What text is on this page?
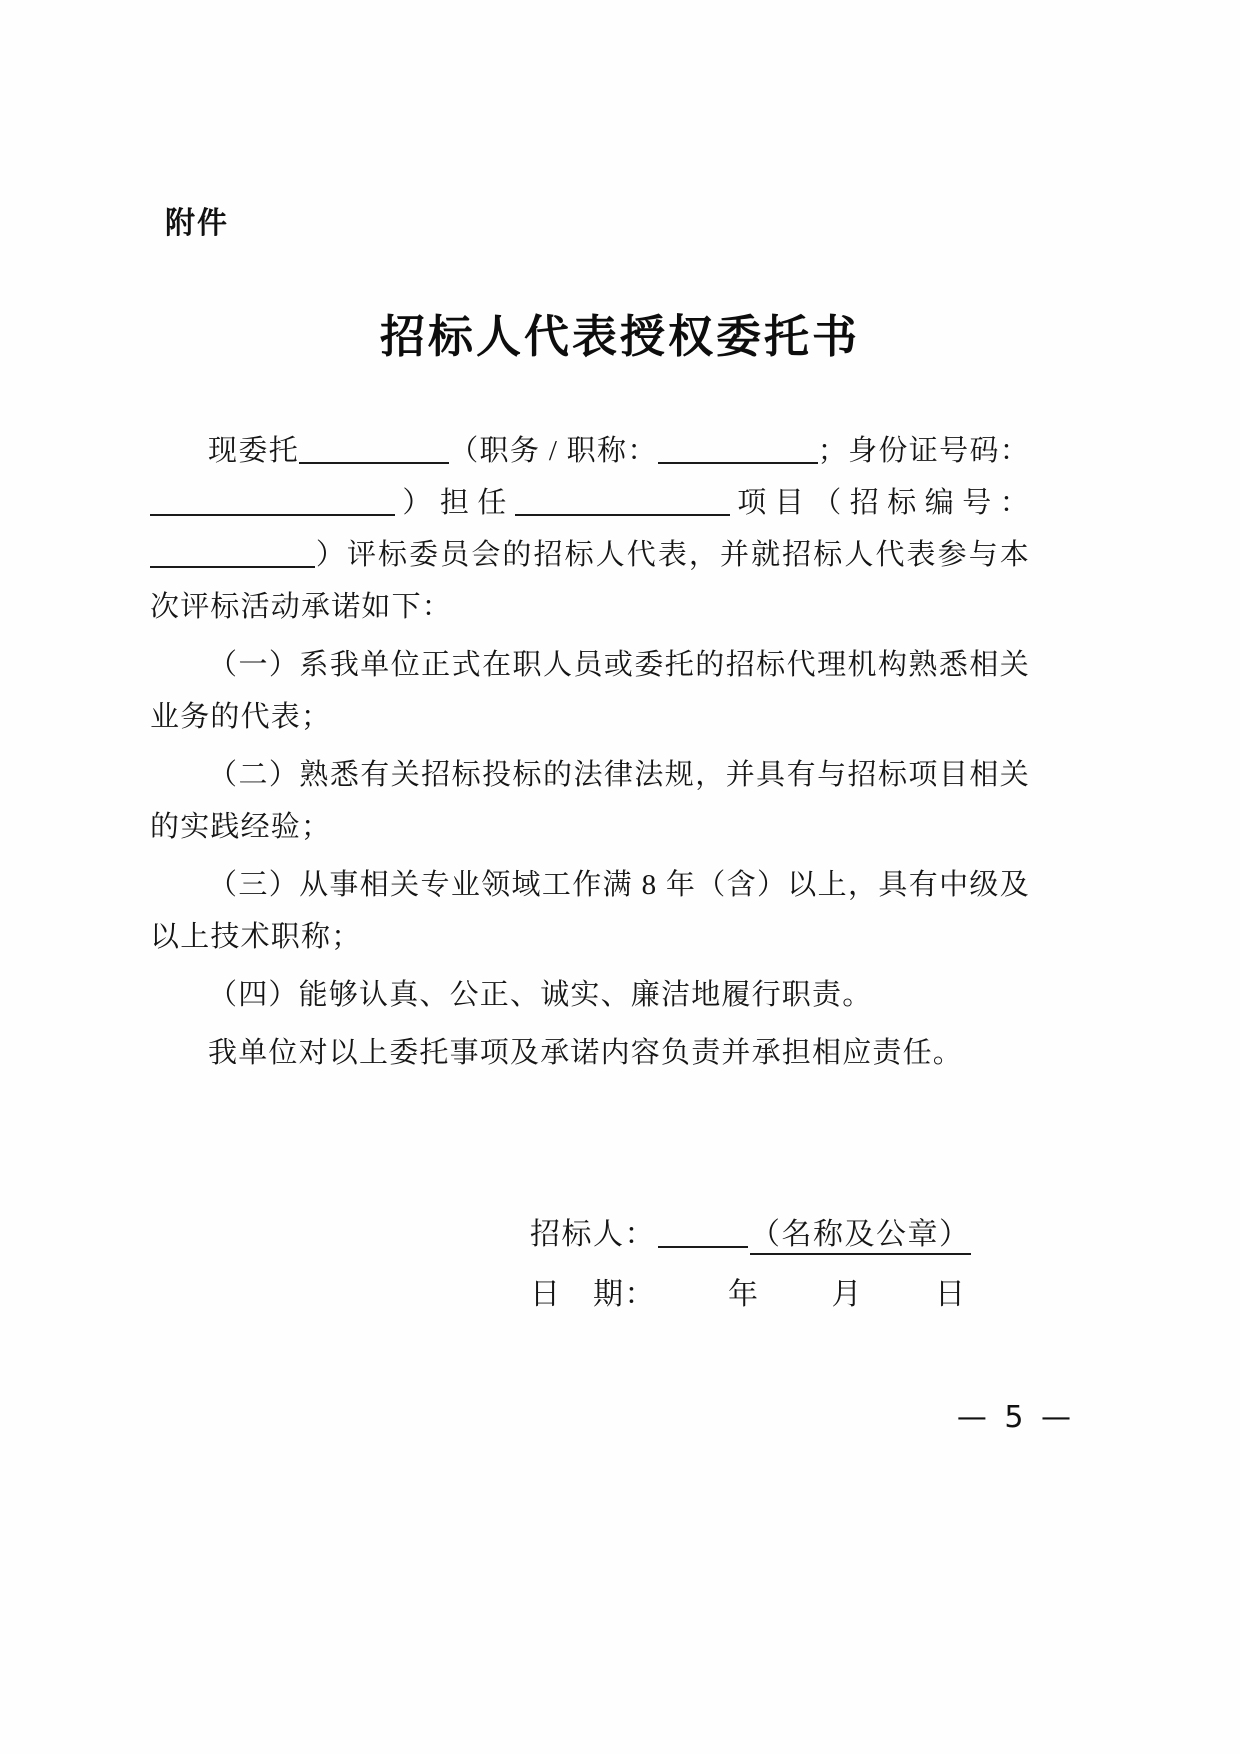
附件
招标人代表授权委托书

现委托	（职务 / 职称：	；身份证号码：）担任	项目（招标编号：）评标委员会的招标人代表，并就招标人代表参与本次评标活动承诺如下：

（一）系我单位正式在职人员或委托的招标代理机构熟悉相关业务的代表；

（二）熟悉有关招标投标的法律法规，并具有与招标项目相关的实践经验；

（三）从事相关专业领域工作满 8 年（含）以上，具有中级及以上技术职称；

（四）能够认真、公正、诚实、廉洁地履行职责。

我单位对以上委托事项及承诺内容负责并承担相应责任。

招标人：	（名称及公章）
日　期： 年 月 日
— 5 —
